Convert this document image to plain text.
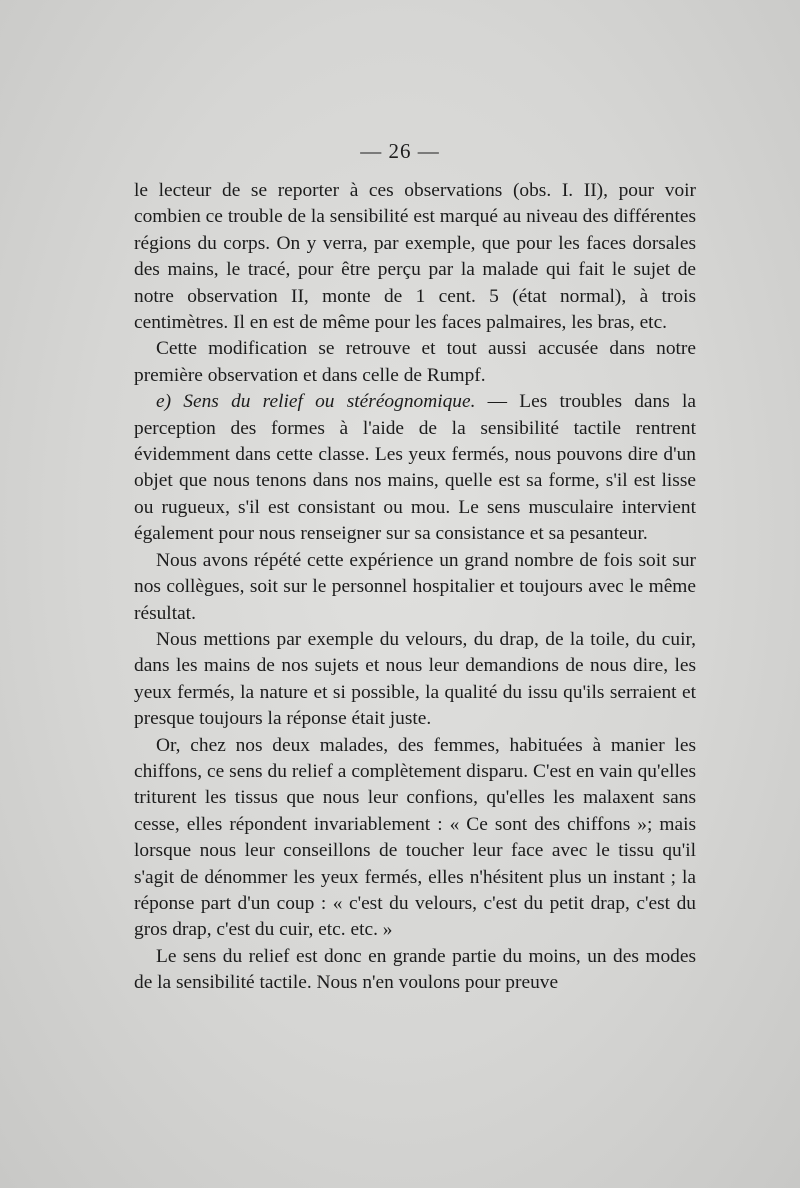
— 26 —

le lecteur de se reporter à ces observations (obs. I. II), pour voir combien ce trouble de la sensibilité est marqué au niveau des différentes régions du corps. On y verra, par exemple, que pour les faces dorsales des mains, le tracé, pour être perçu par la malade qui fait le sujet de notre observation II, monte de 1 cent. 5 (état normal), à trois centimètres. Il en est de même pour les faces palmaires, les bras, etc.

Cette modification se retrouve et tout aussi accusée dans notre première observation et dans celle de Rumpf.

e) Sens du relief ou stéréognomique. — Les troubles dans la perception des formes à l'aide de la sensibilité tactile rentrent évidemment dans cette classe. Les yeux fermés, nous pouvons dire d'un objet que nous tenons dans nos mains, quelle est sa forme, s'il est lisse ou rugueux, s'il est consistant ou mou. Le sens musculaire intervient également pour nous renseigner sur sa consistance et sa pesanteur.

Nous avons répété cette expérience un grand nombre de fois soit sur nos collègues, soit sur le personnel hospitalier et toujours avec le même résultat.

Nous mettions par exemple du velours, du drap, de la toile, du cuir, dans les mains de nos sujets et nous leur demandions de nous dire, les yeux fermés, la nature et si possible, la qualité du issu qu'ils serraient et presque toujours la réponse était juste.

Or, chez nos deux malades, des femmes, habituées à manier les chiffons, ce sens du relief a complètement disparu. C'est en vain qu'elles triturent les tissus que nous leur confions, qu'elles les malaxent sans cesse, elles répondent invariablement : « Ce sont des chiffons »; mais lorsque nous leur conseillons de toucher leur face avec le tissu qu'il s'agit de dénommer les yeux fermés, elles n'hésitent plus un instant ; la réponse part d'un coup : « c'est du velours, c'est du petit drap, c'est du gros drap, c'est du cuir, etc. etc. »

Le sens du relief est donc en grande partie du moins, un des modes de la sensibilité tactile. Nous n'en voulons pour preuve
